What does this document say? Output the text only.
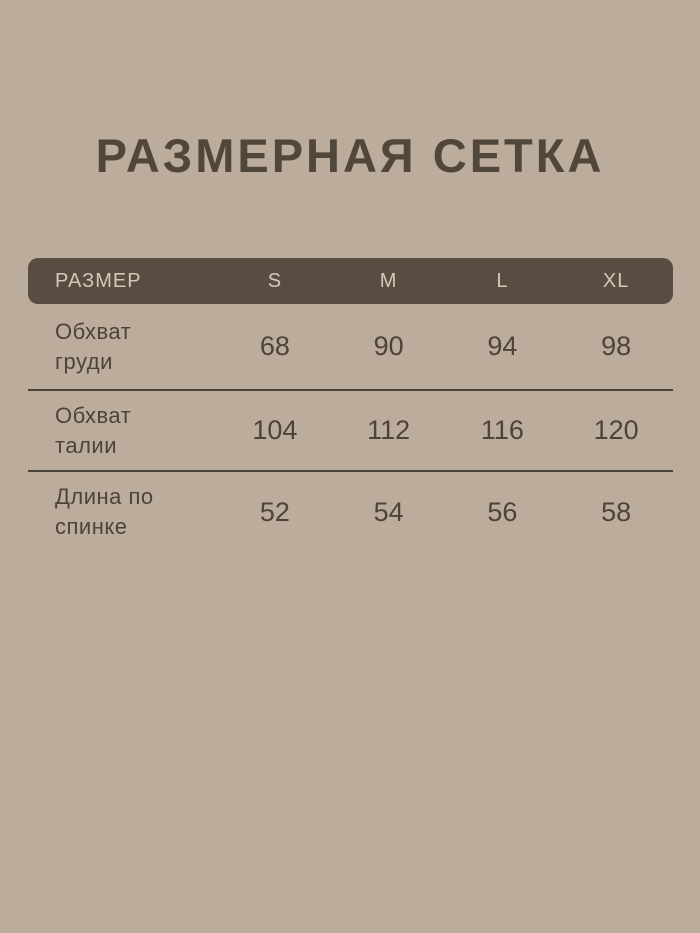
РАЗМЕРНАЯ СЕТКА
РАЗМЕР	S	M	L	XL
Обхват
груди	68	90	94	98
Обхват
талии	104	112	116	120
Длина по
спинке	52	54	56	58
